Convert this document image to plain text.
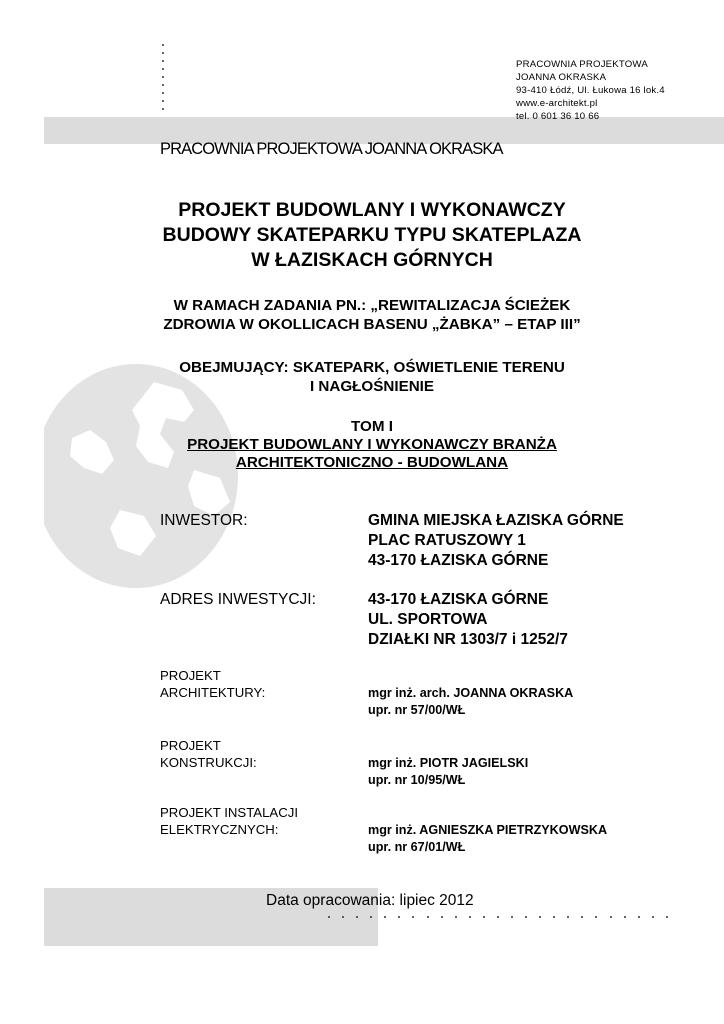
PRACOWNIA PROJEKTOWA
JOANNA OKRASKA
93-410 Łódź, Ul. Łukowa 16 lok.4
www.e-architekt.pl
tel. 0 601 36 10 66
PRACOWNIA PROJEKTOWA JOANNA OKRASKA
PROJEKT BUDOWLANY I WYKONAWCZY
BUDOWY SKATEPARKU TYPU SKATEPLAZA
W ŁAZISKACH GÓRNYCH
W RAMACH ZADANIA PN.: „REWITALIZACJA ŚCIEŻEK
ZDROWIA W OKOLLICACH BASENU „ŻABKA” – ETAP III”
OBEJMUJĄCY: SKATEPARK, OŚWIETLENIE TERENU
I NAGŁOŚNIENIE
TOM I
PROJEKT BUDOWLANY I WYKONAWCZY BRANŻA
ARCHITEKTONICZNO - BUDOWLANA
INWESTOR:	GMINA MIEJSKA ŁAZISKA GÓRNE
PLAC RATUSZOWY 1
43-170 ŁAZISKA GÓRNE
ADRES INWESTYCJI:	43-170 ŁAZISKA GÓRNE
UL. SPORTOWA
DZIAŁKI NR 1303/7 i 1252/7
PROJEKT
ARCHITEKTURY:	mgr inż. arch. JOANNA OKRASKA
upr. nr 57/00/WŁ
PROJEKT
KONSTRUKCJI:	mgr inż. PIOTR JAGIELSKI
upr. nr 10/95/WŁ
PROJEKT INSTALACJI
ELEKTRYCZNYCH:	mgr inż. AGNIESZKA PIETRZYKOWSKA
upr. nr 67/01/WŁ
Data opracowania: lipiec 2012
